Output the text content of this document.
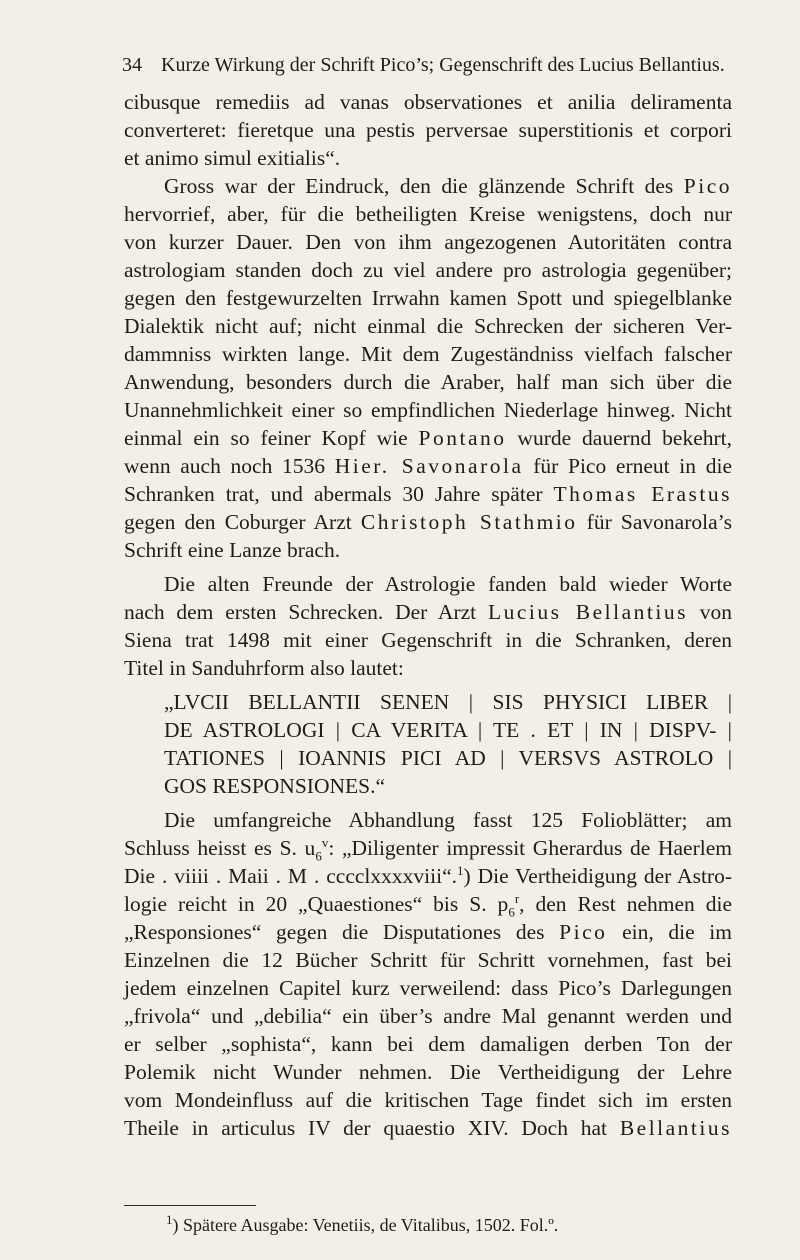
34 Kurze Wirkung der Schrift Pico’s; Gegenschrift des Lucius Bellantius.
cibusque remediis ad vanas observationes et anilia deliramenta
converteret: fieretque una pestis perversae superstitionis et corpori
et animo simul exitialis“.
Gross war der Eindruck, den die glänzende Schrift des Pico
hervorrief, aber, für die betheiligten Kreise wenigstens, doch nur
von kurzer Dauer. Den von ihm angezogenen Autoritäten contra
astrologiam standen doch zu viel andere pro astrologia gegenüber;
gegen den festgewurzelten Irrwahn kamen Spott und spiegelblanke
Dialektik nicht auf; nicht einmal die Schrecken der sicheren Ver-
dammniss wirkten lange. Mit dem Zugeständniss vielfach falscher
Anwendung, besonders durch die Araber, half man sich über die
Unannehmlichkeit einer so empfindlichen Niederlage hinweg. Nicht
einmal ein so feiner Kopf wie Pontano wurde dauernd bekehrt,
wenn auch noch 1536 Hier. Savonarola für Pico erneut in die
Schranken trat, und abermals 30 Jahre später Thomas Erastus
gegen den Coburger Arzt Christoph Stathmio für Savonarola’s
Schrift eine Lanze brach.
Die alten Freunde der Astrologie fanden bald wieder Worte
nach dem ersten Schrecken. Der Arzt Lucius Bellantius von
Siena trat 1498 mit einer Gegenschrift in die Schranken, deren
Titel in Sanduhrform also lautet:
„LVCII BELLANTII SENEN | SIS PHYSICI LIBER |
DE ASTROLOGI | CA VERITA | TE . ET | IN | DISPV- |
TATIONES | IOANNIS PICI AD | VERSVS ASTROLO |
GOS RESPONSIONES.“
Die umfangreiche Abhandlung fasst 125 Folioblätter; am
Schluss heisst es S. $u_6^v$: „Diligenter impressit Gherardus de Haerlem
Die . viiii . Maii . M . cccclxxxxviii“.$^1$) Die Vertheidigung der Astro-
logie reicht in 20 „Quaestiones“ bis S. $p_6^r$, den Rest nehmen die
„Responsiones“ gegen die Disputationes des Pico ein, die im
Einzelnen die 12 Bücher Schritt für Schritt vornehmen, fast bei
jedem einzelnen Capitel kurz verweilend: dass Pico’s Darlegungen
„frivola“ und „debilia“ ein über’s andre Mal genannt werden und
er selber „sophista“, kann bei dem damaligen derben Ton der
Polemik nicht Wunder nehmen. Die Vertheidigung der Lehre
vom Mondeinfluss auf die kritischen Tage findet sich im ersten
Theile in articulus IV der quaestio XIV. Doch hat Bellantius
$^1$) Spätere Ausgabe: Venetiis, de Vitalibus, 1502. Fol.º.
